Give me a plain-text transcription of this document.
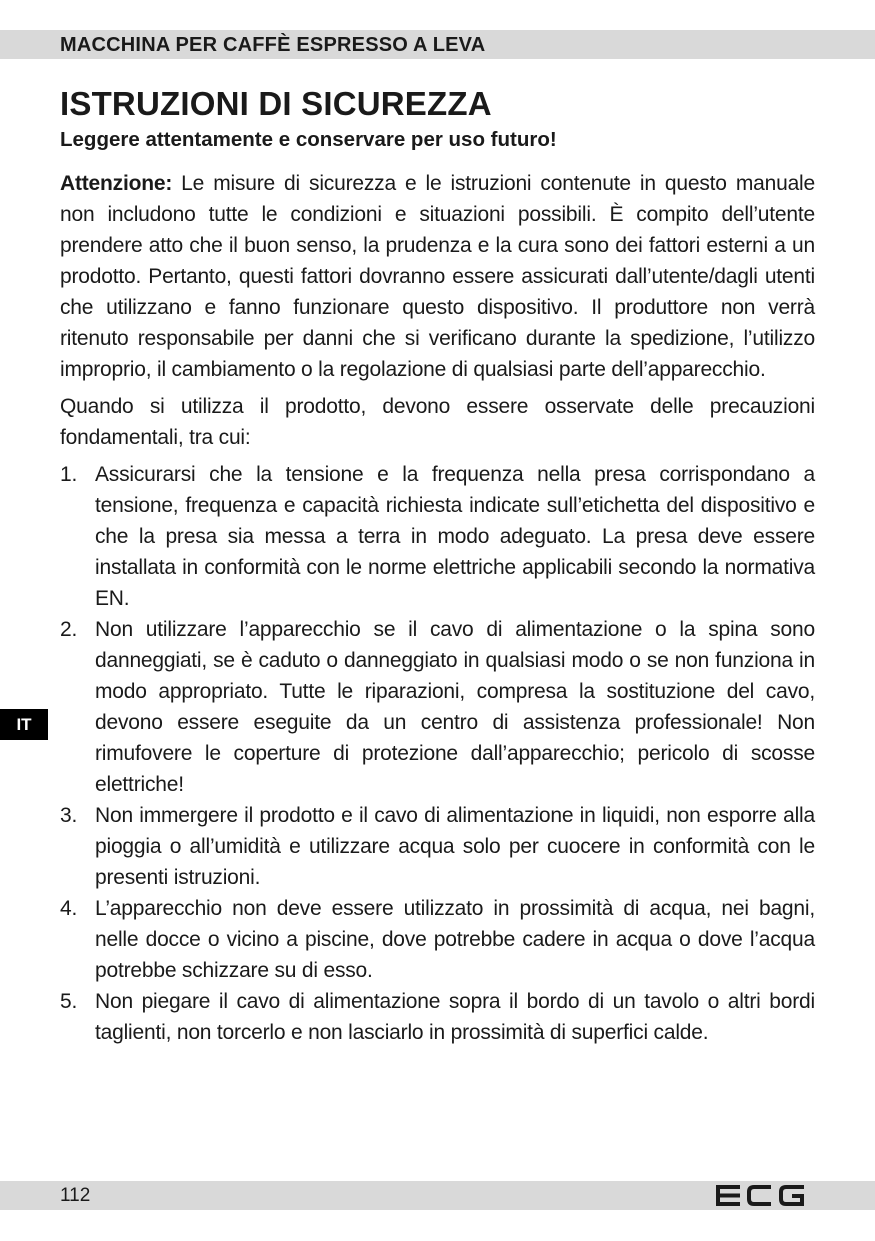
MACCHINA PER CAFFÈ ESPRESSO A LEVA
ISTRUZIONI DI SICUREZZA
Leggere attentamente e conservare per uso futuro!

Attenzione: Le misure di sicurezza e le istruzioni contenute in questo manuale non includono tutte le condizioni e situazioni possibili. È compito dell’utente prendere atto che il buon senso, la prudenza e la cura sono dei fattori esterni a un prodotto. Pertanto, questi fattori dovranno essere assicurati dall’utente/dagli utenti che utilizzano e fanno funzionare questo dispositivo. Il produttore non verrà ritenuto responsabile per danni che si verificano durante la spedizione, l’utilizzo improprio, il cambiamento o la regolazione di qualsiasi parte dell’apparecchio.

Quando si utilizza il prodotto, devono essere osservate delle precauzioni fondamentali, tra cui:

1. Assicurarsi che la tensione e la frequenza nella presa corrispondano a tensione, frequenza e capacità richiesta indicate sull’etichetta del dispositivo e che la presa sia messa a terra in modo adeguato. La presa deve essere installata in conformità con le norme elettriche applicabili secondo la normativa EN.
2. Non utilizzare l’apparecchio se il cavo di alimentazione o la spina sono danneggiati, se è caduto o danneggiato in qualsiasi modo o se non funziona in modo appropriato. Tutte le riparazioni, compresa la sostituzione del cavo, devono essere eseguite da un centro di assistenza professionale! Non rimufovere le coperture di protezione dall’apparecchio; pericolo di scosse elettriche!
3. Non immergere il prodotto e il cavo di alimentazione in liquidi, non esporre alla pioggia o all’umidità e utilizzare acqua solo per cuocere in conformità con le presenti istruzioni.
4. L’apparecchio non deve essere utilizzato in prossimità di acqua, nei bagni, nelle docce o vicino a piscine, dove potrebbe cadere in acqua o dove l’acqua potrebbe schizzare su di esso.
5. Non piegare il cavo di alimentazione sopra il bordo di un tavolo o altri bordi taglienti, non torcerlo e non lasciarlo in prossimità di superfici calde.
IT
112
